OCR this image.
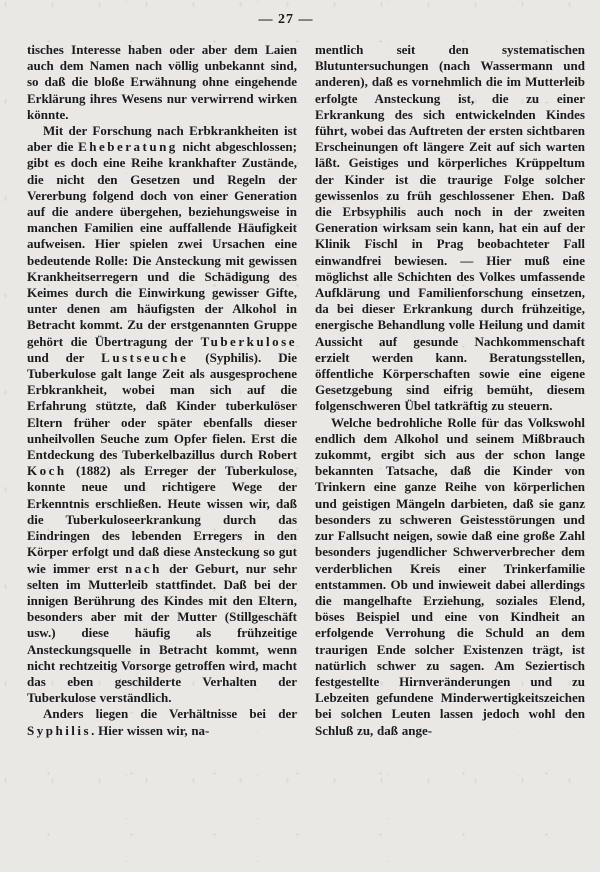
— 27 —

tisches Interesse haben oder aber dem Laien auch dem Namen nach völlig unbekannt sind, so daß die bloße Erwähnung ohne eingehende Erklärung ihres Wesens nur verwirrend wirken könnte.

Mit der Forschung nach Erbkrankheiten ist aber die Eheberatung nicht abgeschlossen; gibt es doch eine Reihe krankhafter Zustände, die nicht den Gesetzen und Regeln der Vererbung folgend doch von einer Generation auf die andere übergehen, beziehungsweise in manchen Familien eine auffallende Häufigkeit aufweisen. Hier spielen zwei Ursachen eine bedeutende Rolle: Die Ansteckung mit gewissen Krankheitserregern und die Schädigung des Keimes durch die Einwirkung gewisser Gifte, unter denen am häufigsten der Alkohol in Betracht kommt. Zu der erstgenannten Gruppe gehört die Übertragung der Tuberkulose und der Lustseuche (Syphilis). Die Tuberkulose galt lange Zeit als ausgesprochene Erbkrankheit, wobei man sich auf die Erfahrung stützte, daß Kinder tuberkulöser Eltern früher oder später ebenfalls dieser unheilvollen Seuche zum Opfer fielen. Erst die Entdeckung des Tuberkelbazillus durch Robert Koch (1882) als Erreger der Tuberkulose, konnte neue und richtigere Wege der Erkenntnis erschließen. Heute wissen wir, daß die Tuberkuloseerkrankung durch das Eindringen des lebenden Erregers in den Körper erfolgt und daß diese Ansteckung so gut wie immer erst nach der Geburt, nur sehr selten im Mutterleib stattfindet. Daß bei der innigen Berührung des Kindes mit den Eltern, besonders aber mit der Mutter (Stillgeschäft usw.) diese häufig als frühzeitige Ansteckungsquelle in Betracht kommt, wenn nicht rechtzeitig Vorsorge getroffen wird, macht das eben geschilderte Verhalten der Tuberkulose verständlich.

Anders liegen die Verhältnisse bei der Syphilis. Hier wissen wir, na-

mentlich seit den systematischen Blutuntersuchungen (nach Wassermann und anderen), daß es vornehmlich die im Mutterleib erfolgte Ansteckung ist, die zu einer Erkrankung des sich entwickelnden Kindes führt, wobei das Auftreten der ersten sichtbaren Erscheinungen oft längere Zeit auf sich warten läßt. Geistiges und körperliches Krüppeltum der Kinder ist die traurige Folge solcher gewissenlos zu früh geschlossener Ehen. Daß die Erbsyphilis auch noch in der zweiten Generation wirksam sein kann, hat ein auf der Klinik Fischl in Prag beobachteter Fall einwandfrei bewiesen. — Hier muß eine möglichst alle Schichten des Volkes umfassende Aufklärung und Familienforschung einsetzen, da bei dieser Erkrankung durch frühzeitige, energische Behandlung volle Heilung und damit Aussicht auf gesunde Nachkommenschaft erzielt werden kann. Beratungsstellen, öffentliche Körperschaften sowie eine eigene Gesetzgebung sind eifrig bemüht, diesem folgenschweren Übel tatkräftig zu steuern.

Welche bedrohliche Rolle für das Volkswohl endlich dem Alkohol und seinem Mißbrauch zukommt, ergibt sich aus der schon lange bekannten Tatsache, daß die Kinder von Trinkern eine ganze Reihe von körperlichen und geistigen Mängeln darbieten, daß sie ganz besonders zu schweren Geistesstörungen und zur Fallsucht neigen, sowie daß eine große Zahl besonders jugendlicher Schwerverbrecher dem verderblichen Kreis einer Trinkerfamilie entstammen. Ob und inwieweit dabei allerdings die mangelhafte Erziehung, soziales Elend, böses Beispiel und eine von Kindheit an erfolgende Verrohung die Schuld an dem traurigen Ende solcher Existenzen trägt, ist natürlich schwer zu sagen. Am Seziertisch festgestellte Hirnveränderungen und zu Lebzeiten gefundene Minderwertigkeitszeichen bei solchen Leuten lassen jedoch wohl den Schluß zu, daß ange-
